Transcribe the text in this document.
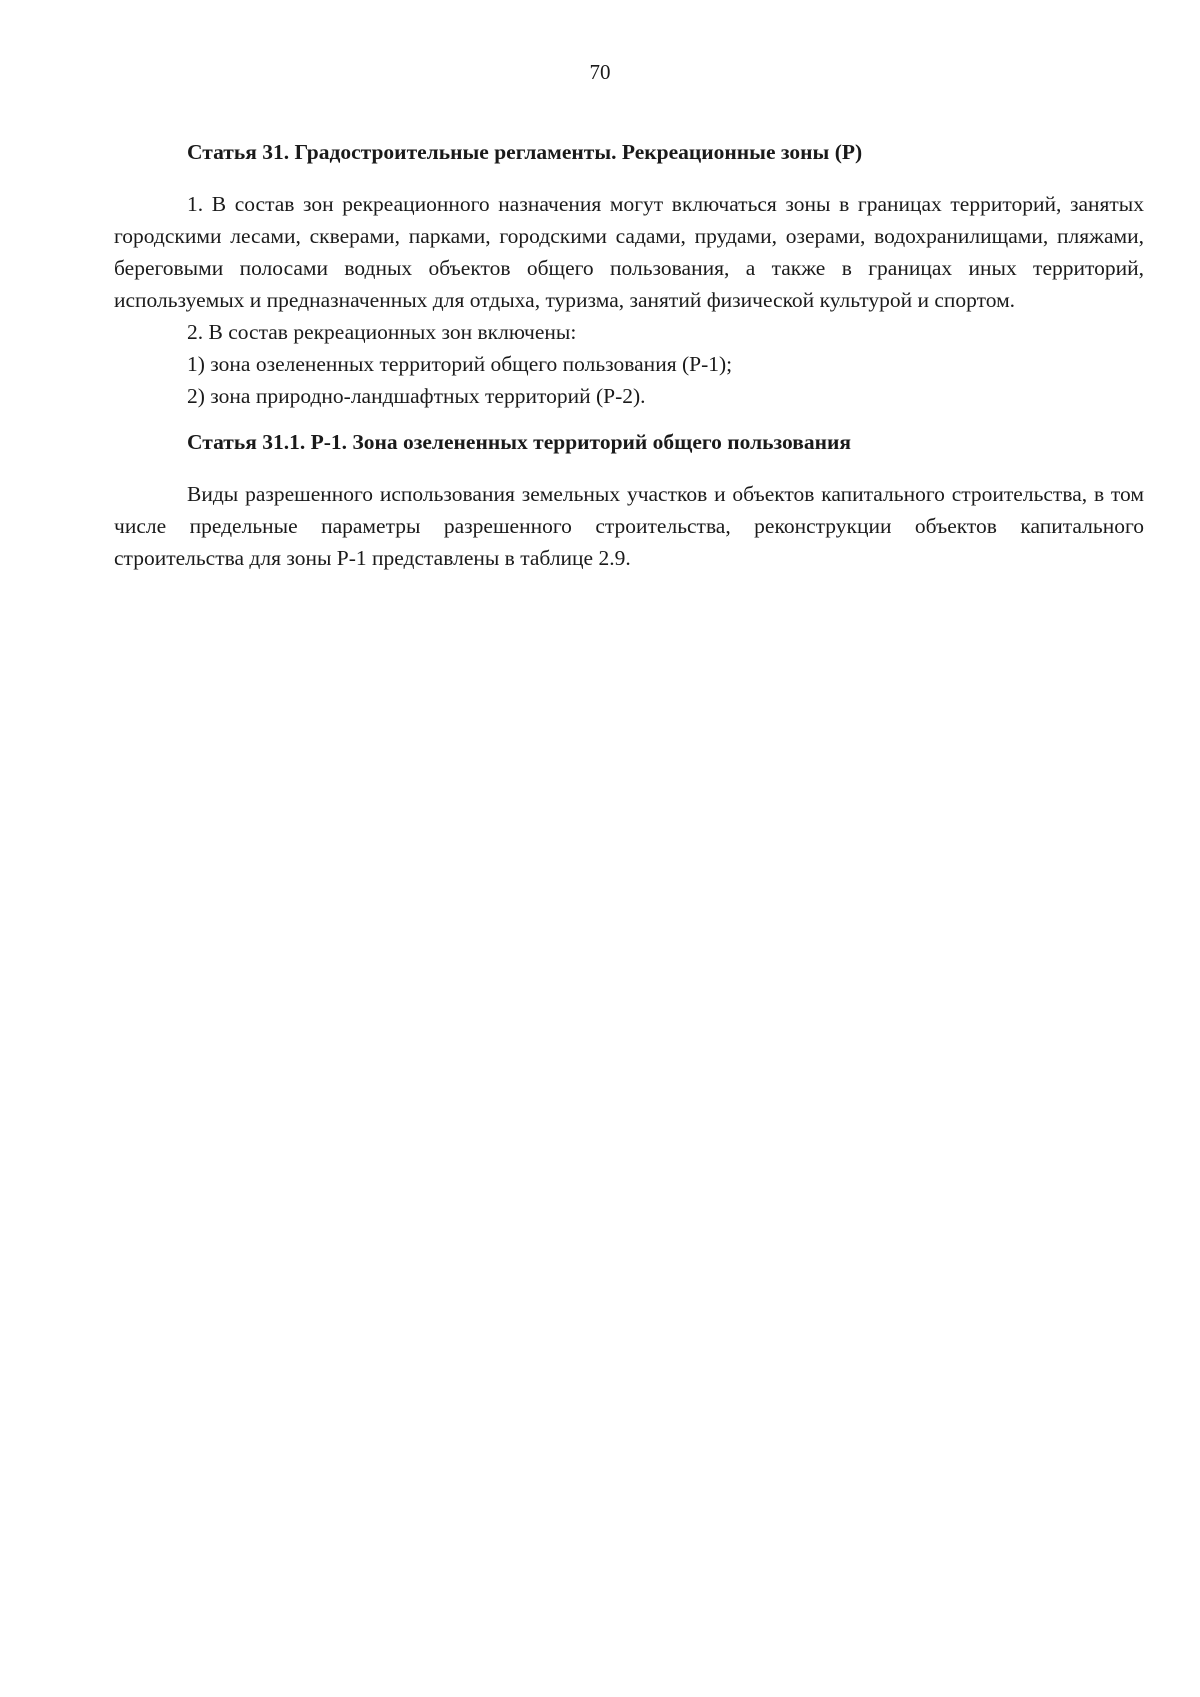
70

Статья 31. Градостроительные регламенты. Рекреационные зоны (Р)

1. В состав зон рекреационного назначения могут включаться зоны в границах территорий, занятых городскими лесами, скверами, парками, городскими садами, прудами, озерами, водохранилищами, пляжами, береговыми полосами водных объектов общего пользования, а также в границах иных территорий, используемых и предназначенных для отдыха, туризма, занятий физической культурой и спортом.

2. В состав рекреационных зон включены:

1) зона озелененных территорий общего пользования (Р-1);

2) зона природно-ландшафтных территорий (Р-2).

Статья 31.1. Р-1. Зона озелененных территорий общего пользования

Виды разрешенного использования земельных участков и объектов капитального строительства, в том числе предельные параметры разрешенного строительства, реконструкции объектов капитального строительства для зоны Р-1 представлены в таблице 2.9.
